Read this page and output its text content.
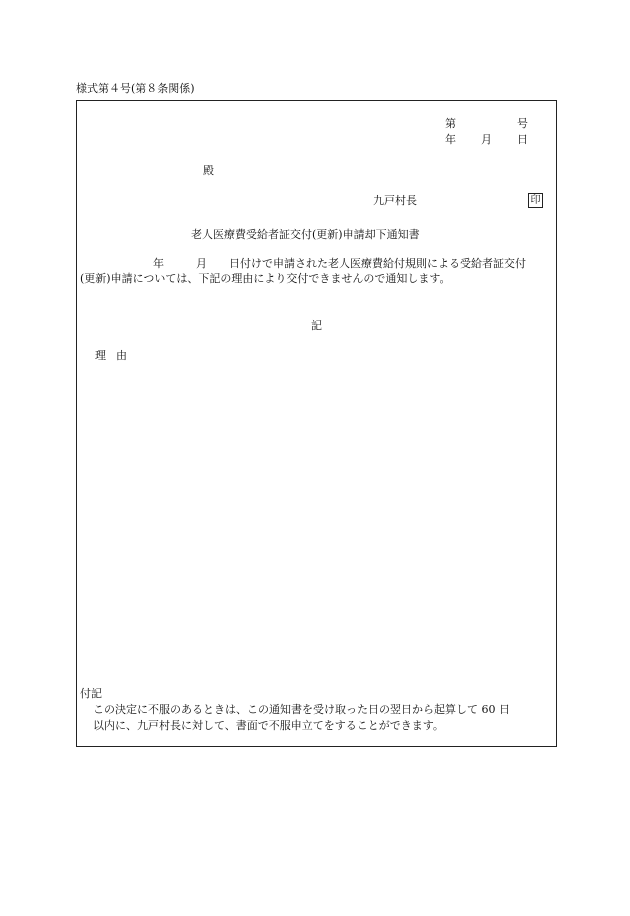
様式第４号(第８条関係)
第	号
年 月 日
殿
九戸村長	印
老人医療費受給者証交付(更新)申請却下通知書
年	月 日付けで申請された老人医療費給付規則による受給者証交付
(更新)申請については、下記の理由により交付できませんので通知します。
記
理由
付記
この決定に不服のあるときは、この通知書を受け取った日の翌日から起算して 60 日
以内に、九戸村長に対して、書面で不服申立てをすることができます。
